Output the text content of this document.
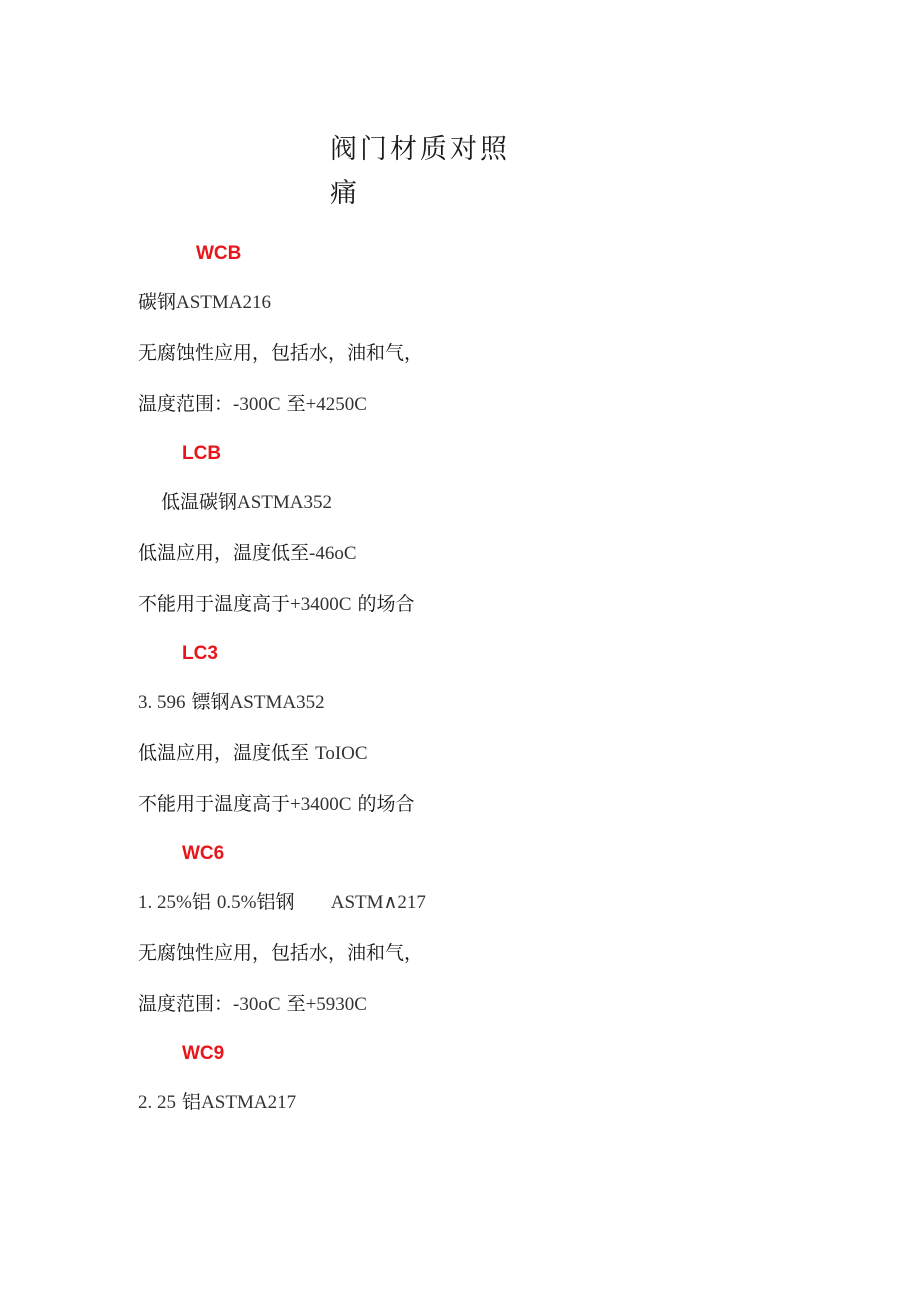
阀门材质对照
痛
WCB
碳钢ASTMA216
无腐蚀性应用，包括水，油和气，
温度范围：-300C 至+4250C
LCB
低温碳钢ASTMA352
低温应用，温度低至-46oC
不能用于温度高于+3400C 的场合
LC3
3. 596 镖钢ASTMA352
低温应用，温度低至 ToIOC
不能用于温度高于+3400C 的场合
WC6
1. 25%铝 0.5%铝钢 ASTM∧217
无腐蚀性应用，包括水，油和气，
温度范围：-30oC 至+5930C
WC9
2. 25 铝ASTMA217
